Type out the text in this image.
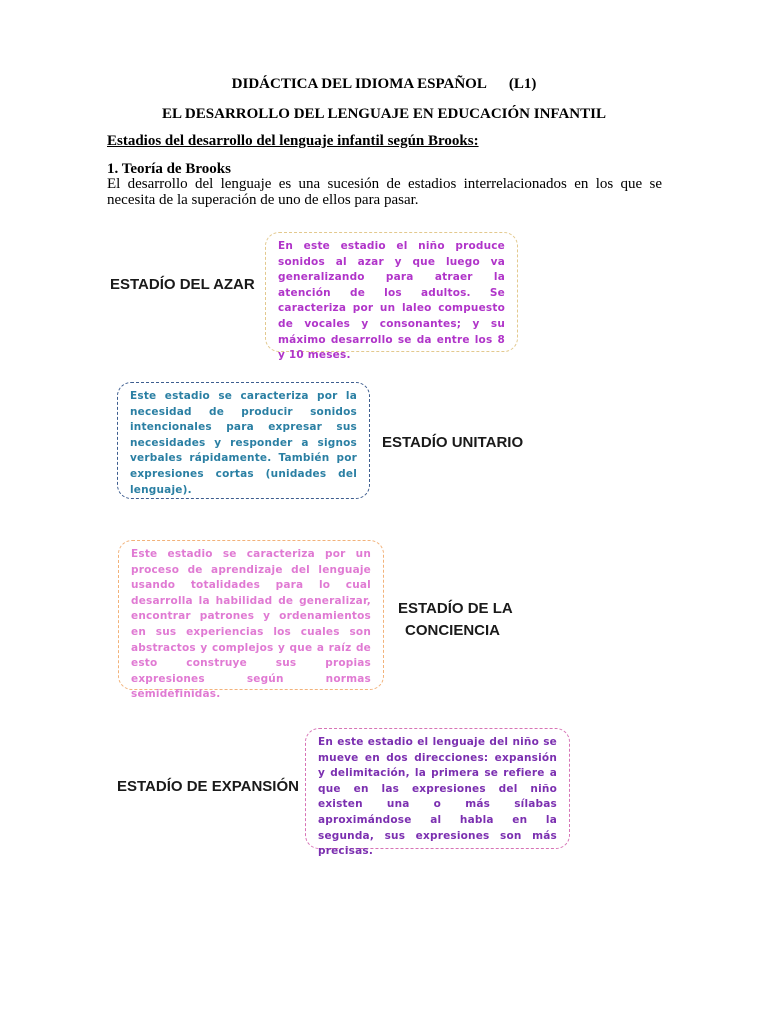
DIDÁCTICA DEL IDIOMA ESPAÑOL (L1)
EL DESARROLLO DEL LENGUAJE EN EDUCACIÓN INFANTIL
Estadios del desarrollo del lenguaje infantil según Brooks:
1. Teoría de Brooks
El desarrollo del lenguaje es una sucesión de estadios interrelacionados en los que se necesita de la superación de uno de ellos para pasar.
ESTADÍO DEL AZAR
En este estadio el niño produce sonidos al azar y que luego va generalizando para atraer la atención de los adultos. Se caracteriza por un laleo compuesto de vocales y consonantes; y su máximo desarrollo se da entre los 8 y 10 meses.
Este estadio se caracteriza por la necesidad de producir sonidos intencionales para expresar sus necesidades y responder a signos verbales rápidamente. También por expresiones cortas (unidades del lenguaje).
ESTADÍO UNITARIO
Este estadio se caracteriza por un proceso de aprendizaje del lenguaje usando totalidades para lo cual desarrolla la habilidad de generalizar, encontrar patrones y ordenamientos en sus experiencias los cuales son abstractos y complejos y que a raíz de esto construye sus propias expresiones según normas semidefinidas.
ESTADÍO DE LA
CONCIENCIA
ESTADÍO DE EXPANSIÓN
En este estadio el lenguaje del niño se mueve en dos direcciones: expansión y delimitación, la primera se refiere a que en las expresiones del niño existen una o más sílabas aproximándose al habla en la segunda, sus expresiones son más precisas.
